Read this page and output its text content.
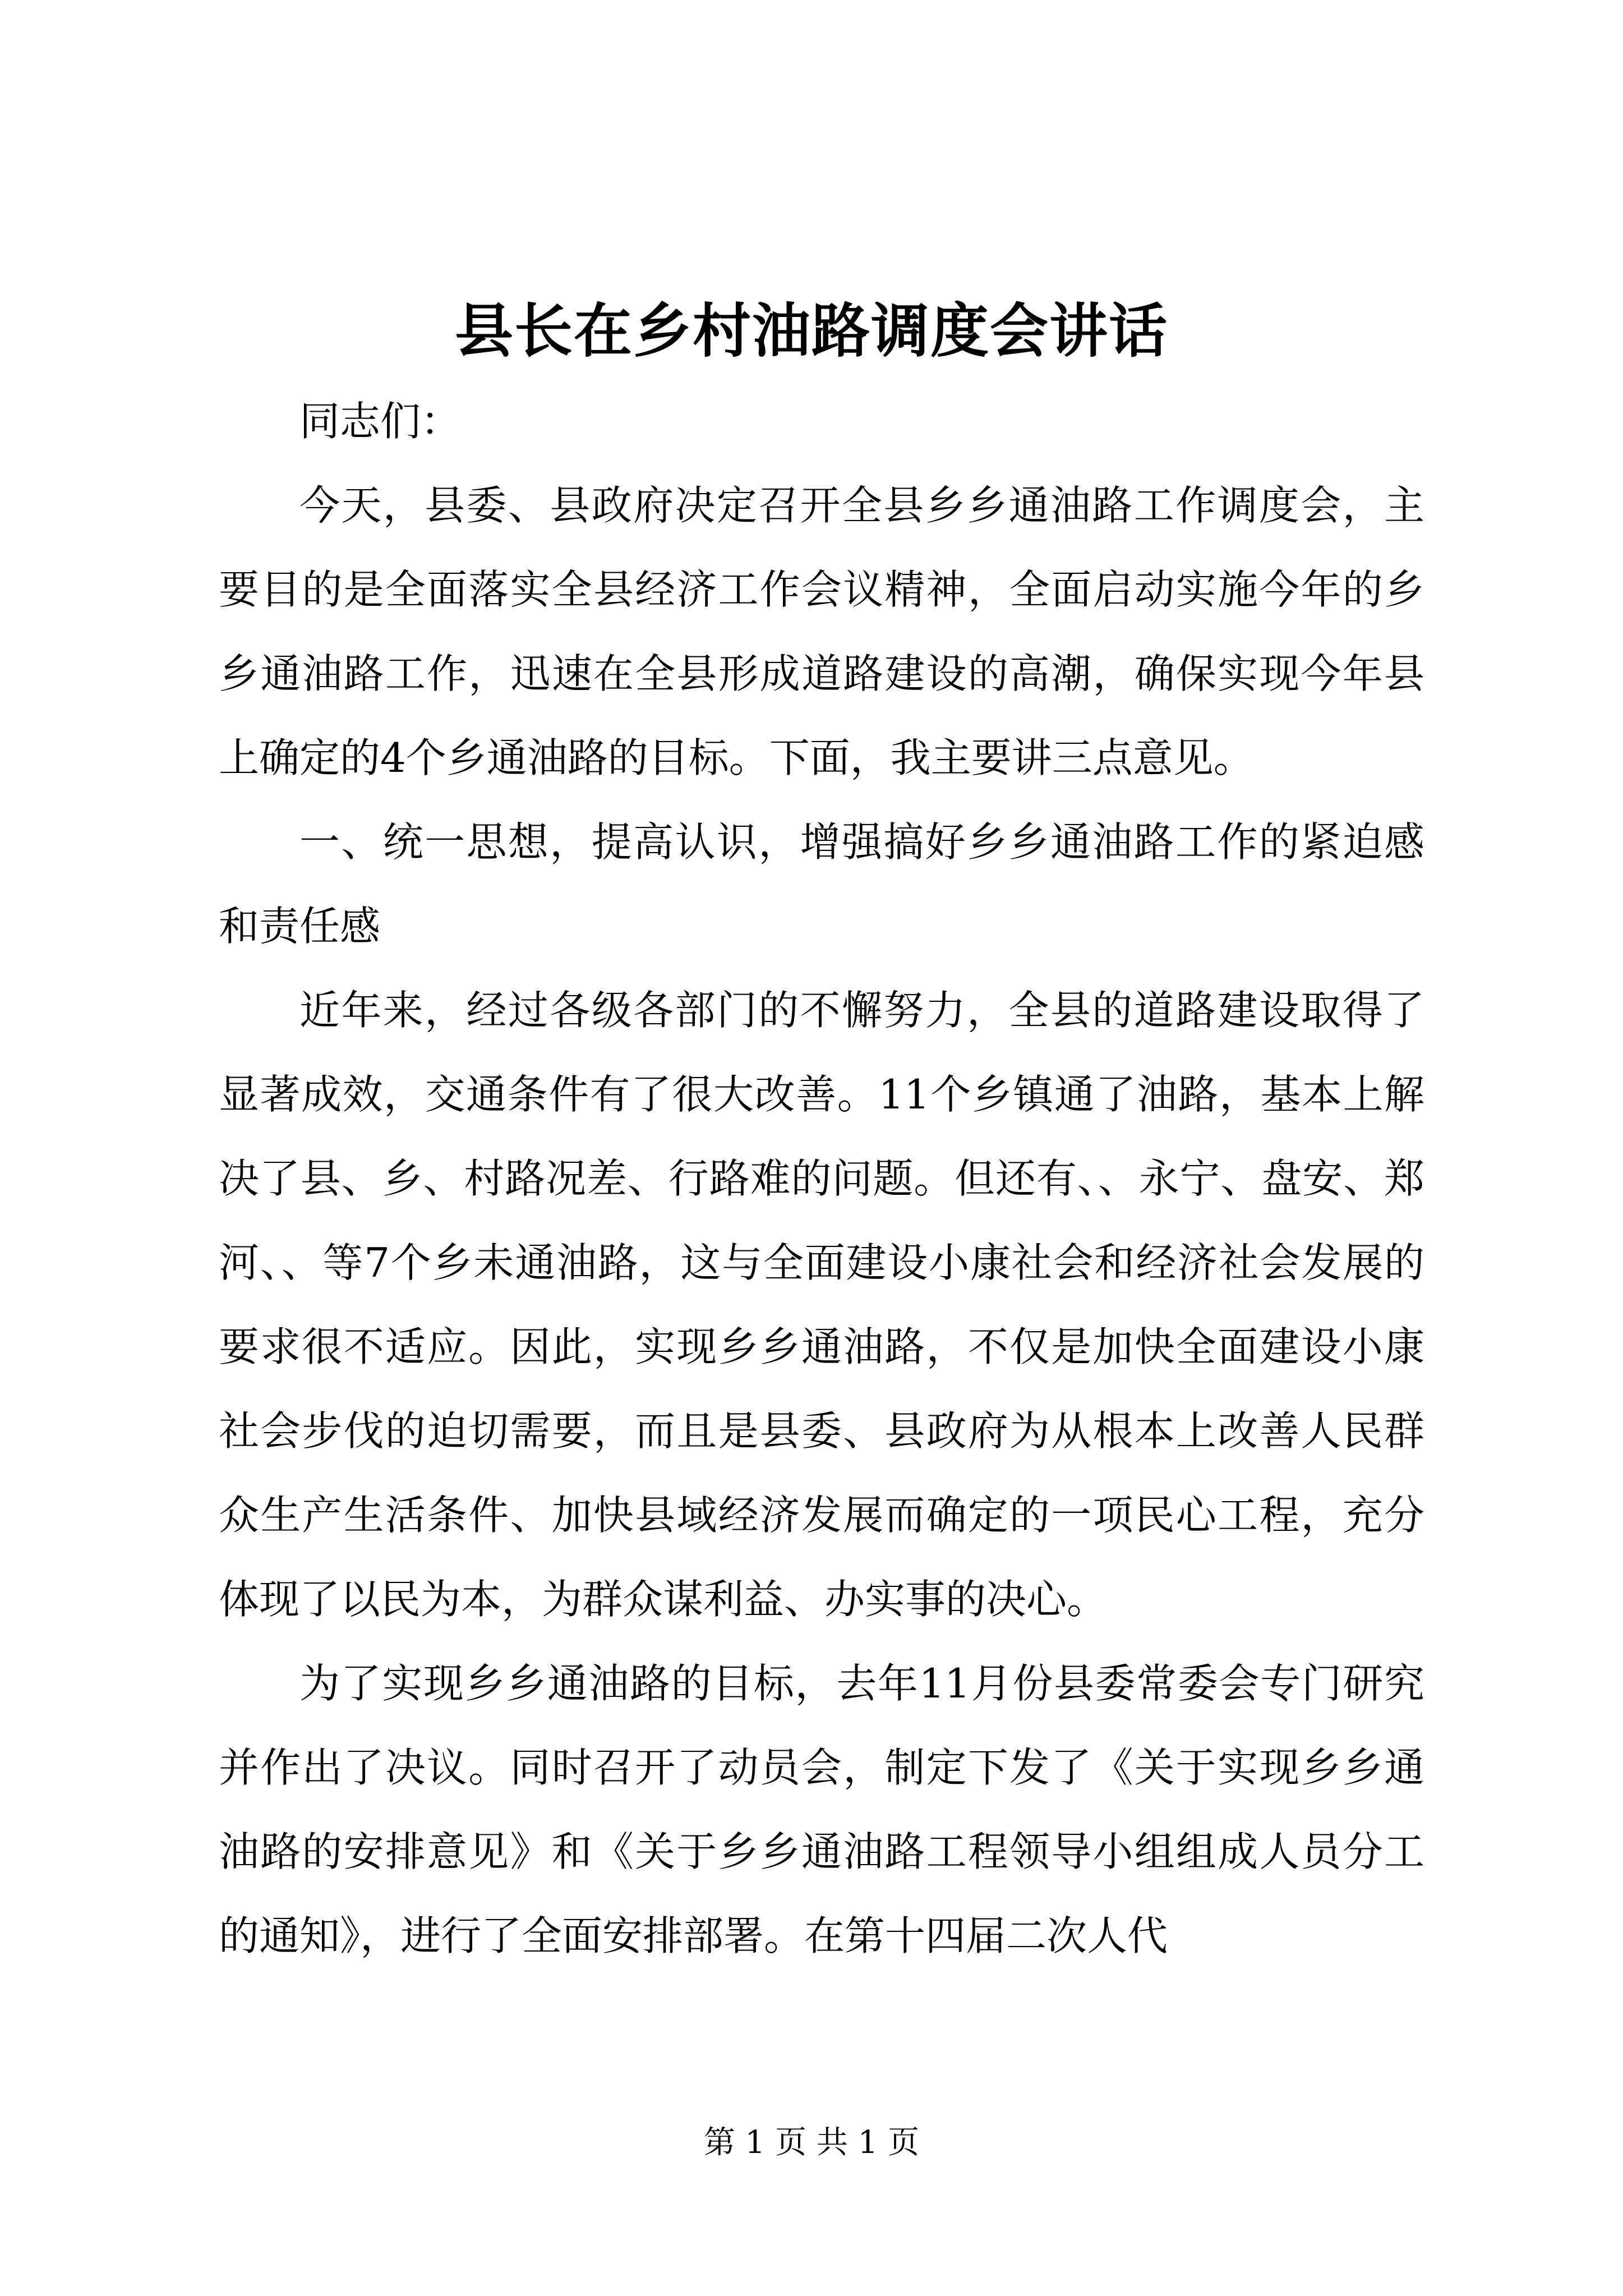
县长在乡村油路调度会讲话

同志们：

今天，县委、县政府决定召开全县乡乡通油路工作调度会，主要目的是全面落实全县经济工作会议精神，全面启动实施今年的乡乡通油路工作，迅速在全县形成道路建设的高潮，确保实现今年县上确定的4个乡通油路的目标。下面，我主要讲三点意见。

一、统一思想，提高认识，增强搞好乡乡通油路工作的紧迫感和责任感

近年来，经过各级各部门的不懈努力，全县的道路建设取得了显著成效，交通条件有了很大改善。11个乡镇通了油路，基本上解决了县、乡、村路况差、行路难的问题。但还有、、永宁、盘安、郑河、、等7个乡未通油路，这与全面建设小康社会和经济社会发展的要求很不适应。因此，实现乡乡通油路，不仅是加快全面建设小康社会步伐的迫切需要，而且是县委、县政府为从根本上改善人民群众生产生活条件、加快县域经济发展而确定的一项民心工程，充分体现了以民为本，为群众谋利益、办实事的决心。

为了实现乡乡通油路的目标，去年11月份县委常委会专门研究并作出了决议。同时召开了动员会，制定下发了《关于实现乡乡通油路的安排意见》和《关于乡乡通油路工程领导小组组成人员分工的通知》，进行了全面安排部署。在第十四届二次人代

第 1 页 共 1 页
